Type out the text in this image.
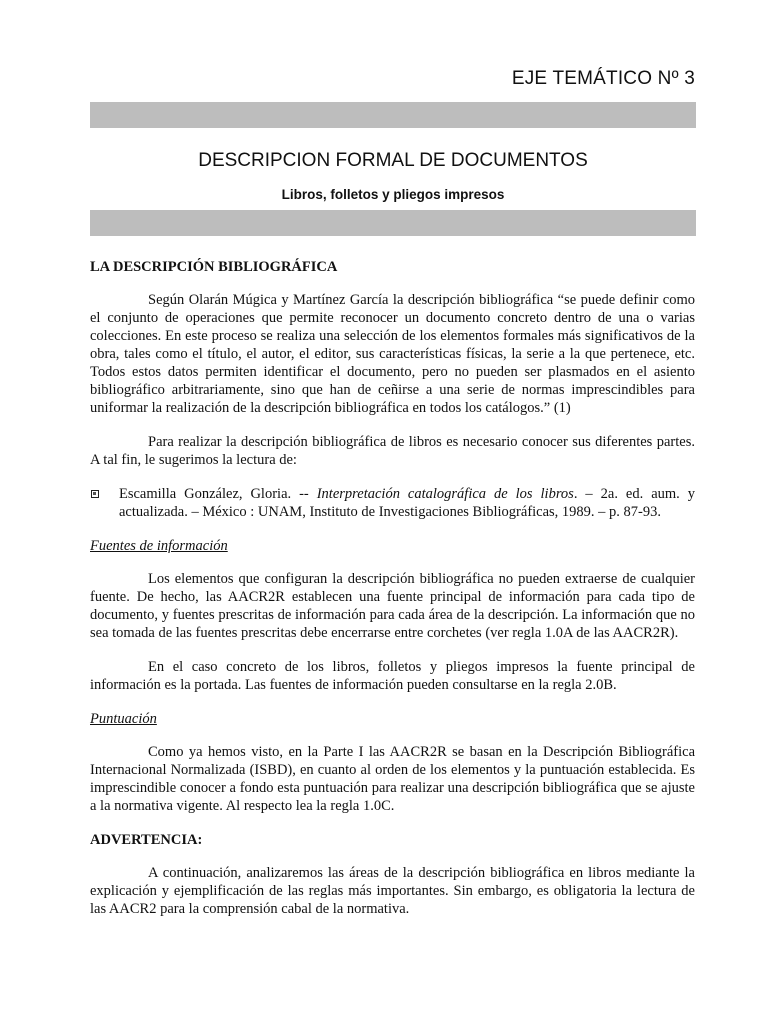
EJE TEMÁTICO Nº 3
DESCRIPCION FORMAL DE DOCUMENTOS
Libros, folletos y pliegos impresos

LA DESCRIPCIÓN BIBLIOGRÁFICA

Según Olarán Múgica y Martínez García la descripción bibliográfica “se puede definir como el conjunto de operaciones que permite reconocer un documento concreto dentro de una o varias colecciones. En este proceso se realiza una selección de los elementos formales más significativos de la obra, tales como el título, el autor, el editor, sus características físicas, la serie a la que pertenece, etc. Todos estos datos permiten identificar el documento, pero no pueden ser plasmados en el asiento bibliográfico arbitrariamente, sino que han de ceñirse a una serie de normas imprescindibles para uniformar la realización de la descripción bibliográfica en todos los catálogos.” (1)

Para realizar la descripción bibliográfica de libros es necesario conocer sus diferentes partes. A tal fin, le sugerimos la lectura de:

Escamilla González, Gloria. -- Interpretación catalográfica de los libros. – 2a. ed. aum. y actualizada. – México : UNAM, Instituto de Investigaciones Bibliográficas, 1989. – p. 87-93.

Fuentes de información

Los elementos que configuran la descripción bibliográfica no pueden extraerse de cualquier fuente. De hecho, las AACR2R establecen una fuente principal de información para cada tipo de documento, y fuentes prescritas de información para cada área de la descripción. La información que no sea tomada de las fuentes prescritas debe encerrarse entre corchetes (ver regla 1.0A de las AACR2R).

En el caso concreto de los libros, folletos y pliegos impresos la fuente principal de información es la portada. Las fuentes de información pueden consultarse en la regla 2.0B.

Puntuación

Como ya hemos visto, en la Parte I las AACR2R se basan en la Descripción Bibliográfica Internacional Normalizada (ISBD), en cuanto al orden de los elementos y la puntuación establecida. Es imprescindible conocer a fondo esta puntuación para realizar una descripción bibliográfica que se ajuste a la normativa vigente. Al respecto lea la regla 1.0C.

ADVERTENCIA:

A continuación, analizaremos las áreas de la descripción bibliográfica en libros mediante la explicación y ejemplificación de las reglas más importantes. Sin embargo, es obligatoria la lectura de las AACR2 para la comprensión cabal de la normativa.
